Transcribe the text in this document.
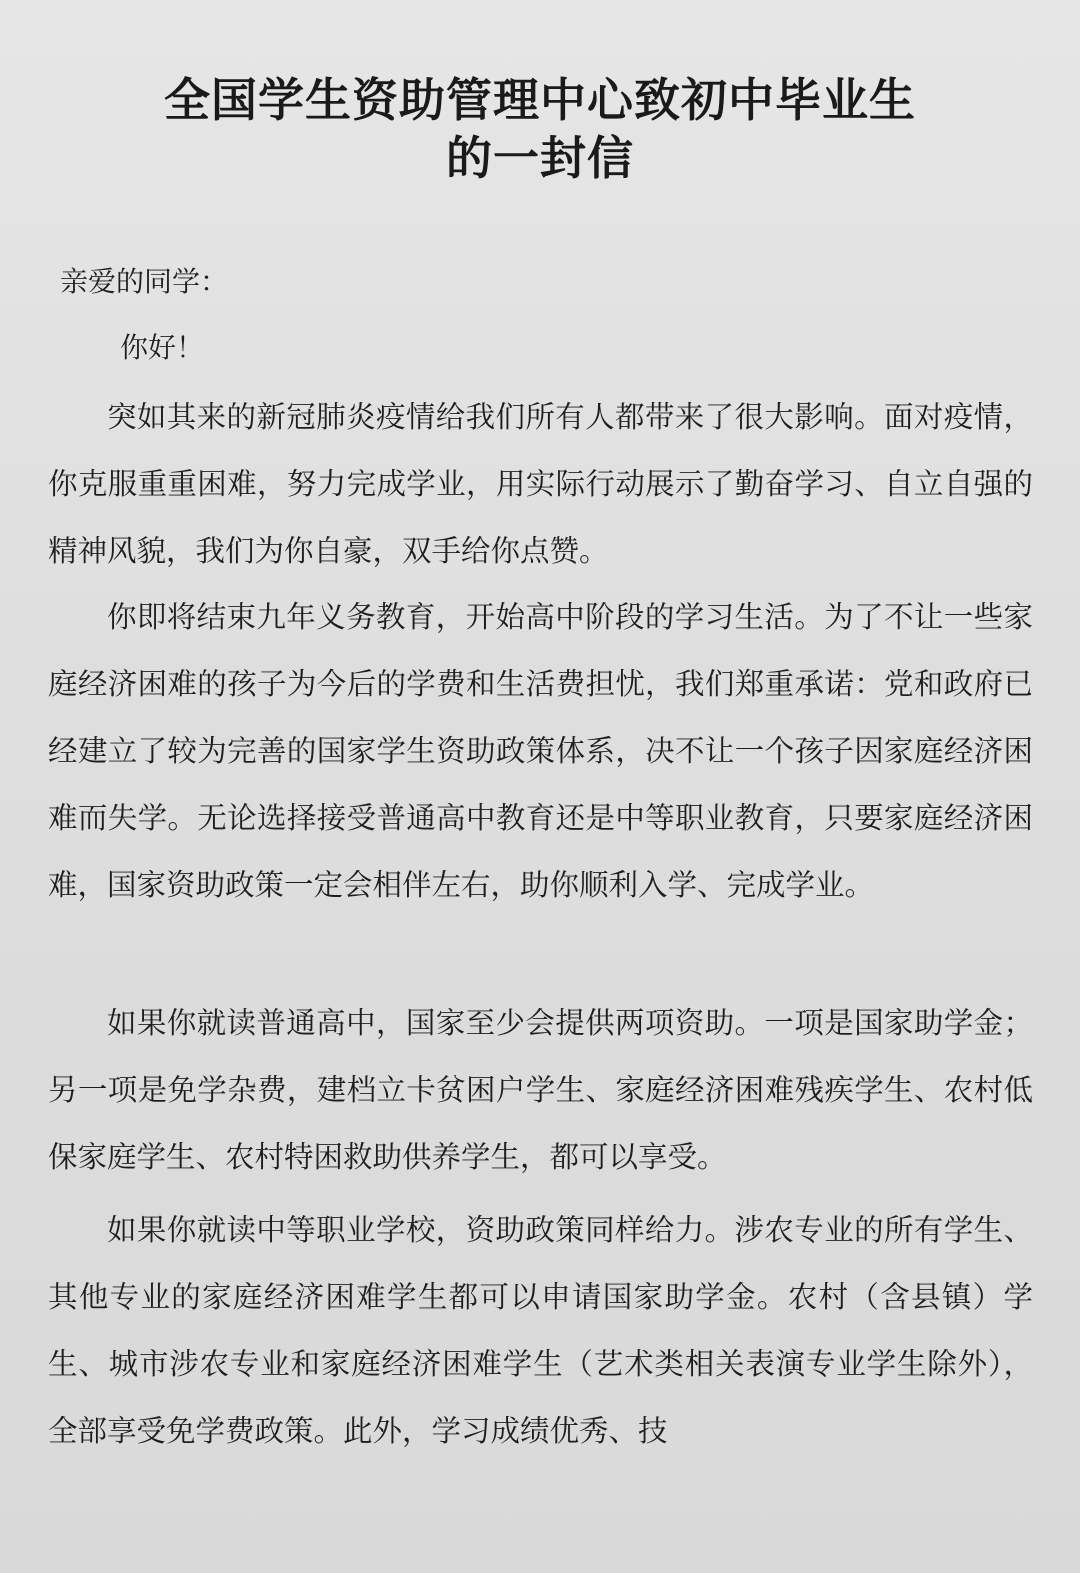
全国学生资助管理中心致初中毕业生
的一封信
亲爱的同学：
你好！

突如其来的新冠肺炎疫情给我们所有人都带来了很大影响。面对疫情，你克服重重困难，努力完成学业，用实际行动展示了勤奋学习、自立自强的精神风貌，我们为你自豪，双手给你点赞。

你即将结束九年义务教育，开始高中阶段的学习生活。为了不让一些家庭经济困难的孩子为今后的学费和生活费担忧，我们郑重承诺：党和政府已经建立了较为完善的国家学生资助政策体系，决不让一个孩子因家庭经济困难而失学。无论选择接受普通高中教育还是中等职业教育，只要家庭经济困难，国家资助政策一定会相伴左右，助你顺利入学、完成学业。

如果你就读普通高中，国家至少会提供两项资助。一项是国家助学金；另一项是免学杂费，建档立卡贫困户学生、家庭经济困难残疾学生、农村低保家庭学生、农村特困救助供养学生，都可以享受。

如果你就读中等职业学校，资助政策同样给力。涉农专业的所有学生、其他专业的家庭经济困难学生都可以申请国家助学金。农村（含县镇）学生、城市涉农专业和家庭经济困难学生（艺术类相关表演专业学生除外），全部享受免学费政策。此外，学习成绩优秀、技
